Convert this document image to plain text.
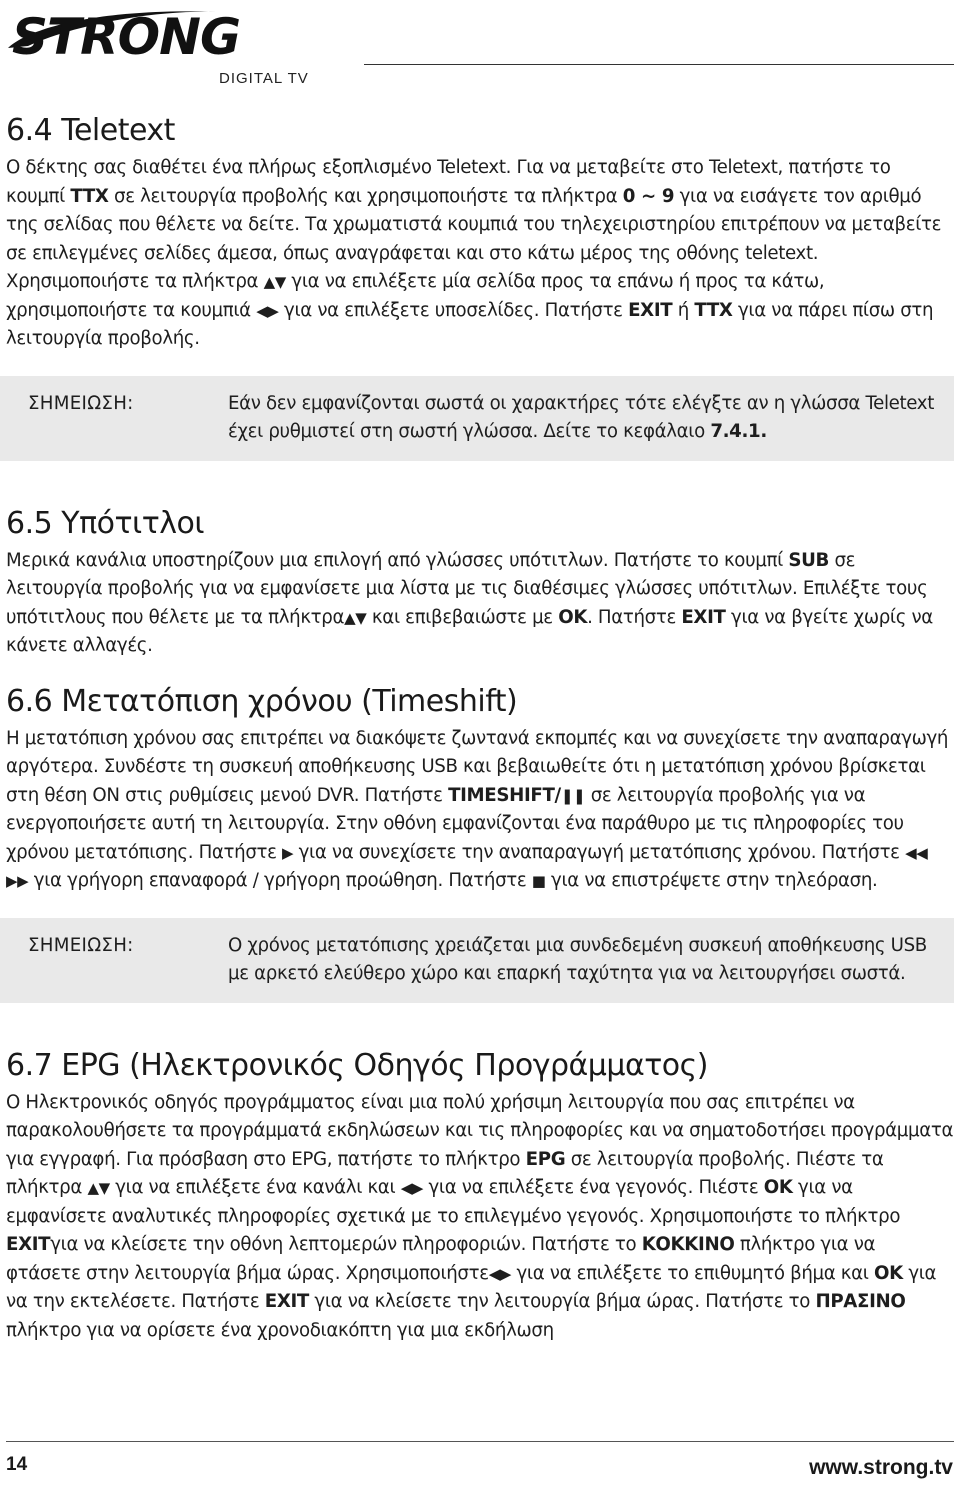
STRONG
DIGITAL TV
6.4 Teletext

Ο δέκτης σας διαθέτει ένα πλήρως εξοπλισμένο Teletext. Για να μεταβείτε στο Teletext, πατήστε το κουμπί TTX σε λειτουργία προβολής και χρησιμοποιήστε τα πλήκτρα 0 ~ 9 για να εισάγετε τον αριθμό της σελίδας που θέλετε να δείτε. Τα χρωματιστά κουμπιά του τηλεχειριστηρίου επιτρέπουν να μεταβείτε σε επιλεγμένες σελίδες άμεσα, όπως αναγράφεται και στο κάτω μέρος της οθόνης teletext. Χρησιμοποιήστε τα πλήκτρα ▲▼ για να επιλέξετε μία σελίδα προς τα επάνω ή προς τα κάτω, χρησιμοποιήστε τα κουμπιά ◀▶ για να επιλέξετε υποσελίδες. Πατήστε EXIT ή TTX για να πάρει πίσω στη λειτουργία προβολής.

ΣΗΜΕΙΩΣΗ:	Εάν δεν εμφανίζονται σωστά οι χαρακτήρες τότε ελέγξτε αν η γλώσσα Teletext έχει ρυθμιστεί στη σωστή γλώσσα. Δείτε το κεφάλαιο 7.4.1.
6.5 Υπότιτλοι

Μερικά κανάλια υποστηρίζουν μια επιλογή από γλώσσες υπότιτλων. Πατήστε το κουμπί SUB σε λειτουργία προβολής για να εμφανίσετε μια λίστα με τις διαθέσιμες γλώσσες υπότιτλων. Επιλέξτε τους υπότιτλους που θέλετε με τα πλήκτρα▲▼ και επιβεβαιώστε με OK. Πατήστε EXIT για να βγείτε χωρίς να κάνετε αλλαγές.

6.6 Μετατόπιση χρόνου (Timeshift)

Η μετατόπιση χρόνου σας επιτρέπει να διακόψετε ζωντανά εκπομπές και να συνεχίσετε την αναπαραγωγή αργότερα. Συνδέστε τη συσκευή αποθήκευσης USB και βεβαιωθείτε ότι η μετατόπιση χρόνου βρίσκεται στη θέση ON στις ρυθμίσεις μενού DVR. Πατήστε TIMESHIFT/❚❚ σε λειτουργία προβολής για να ενεργοποιήσετε αυτή τη λειτουργία. Στην οθόνη εμφανίζονται ένα παράθυρο με τις πληροφορίες του χρόνου μετατόπισης. Πατήστε ▶ για να συνεχίσετε την αναπαραγωγή μετατόπισης χρόνου. Πατήστε ◀◀ ▶▶ για γρήγορη επαναφορά / γρήγορη προώθηση. Πατήστε ■ για να επιστρέψετε στην τηλεόραση.

ΣΗΜΕΙΩΣΗ:	Ο χρόνος μετατόπισης χρειάζεται μια συνδεδεμένη συσκευή αποθήκευσης USB με αρκετό ελεύθερο χώρο και επαρκή ταχύτητα για να λειτουργήσει σωστά.
6.7 EPG (Ηλεκτρονικός Οδηγός Προγράμματος)

Ο Ηλεκτρονικός οδηγός προγράμματος είναι μια πολύ χρήσιμη λειτουργία που σας επιτρέπει να παρακολουθήσετε τα προγράμματά εκδηλώσεων και τις πληροφορίες και να σηματοδοτήσει προγράμματα για εγγραφή. Για πρόσβαση στο EPG, πατήστε το πλήκτρο EPG σε λειτουργία προβολής. Πιέστε τα πλήκτρα ▲▼ για να επιλέξετε ένα κανάλι και ◀▶ για να επιλέξετε ένα γεγονός. Πιέστε OK για να εμφανίσετε αναλυτικές πληροφορίες σχετικά με το επιλεγμένο γεγονός. Χρησιμοποιήστε το πλήκτρο EXITγια να κλείσετε την οθόνη λεπτομερών πληροφοριών. Πατήστε το ΚΟΚΚΙΝΟ πλήκτρο για να φτάσετε στην λειτουργία βήμα ώρας. Χρησιμοποιήστε◀▶ για να επιλέξετε το επιθυμητό βήμα και OK για να την εκτελέσετε. Πατήστε EXIT για να κλείσετε την λειτουργία βήμα ώρας. Πατήστε το ΠΡΑΣΙΝΟ πλήκτρο για να ορίσετε ένα χρονοδιακόπτη για μια εκδήλωση

14	www.strong.tv
